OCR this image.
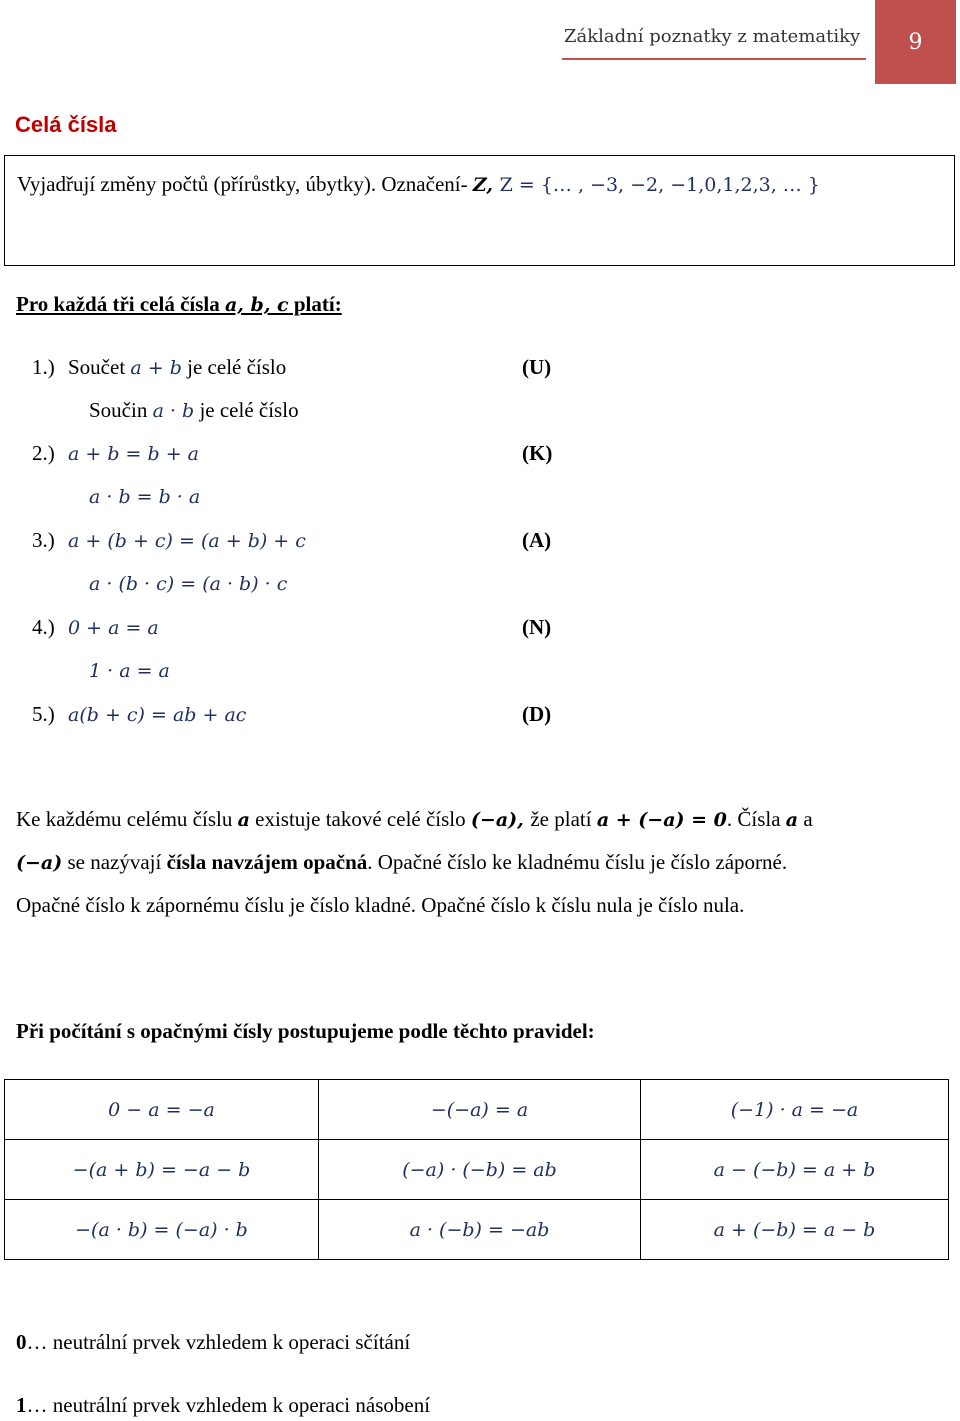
Základní poznatky z matematiky 9
Celá čísla
Vyjadřují změny počtů (přírůstky, úbytky). Označení- Z, Z = {… , −3, −2, −1,0,1,2,3, … }
Pro každá tři celá čísla a, b, c platí:
1.) Součet a + b je celé číslo	(U)
Součin a · b je celé číslo
2.) a + b = b + a	(K)
a · b = b · a
3.) a + (b + c) = (a + b) + c	(A)
a · (b · c) = (a · b) · c
4.) 0 + a = a	(N)
1 · a = a
5.) a(b + c) = ab + ac	(D)
Ke každému celému číslu a existuje takové celé číslo (−a), že platí a + (−a) = 0. Čísla a a
(−a) se nazývají čísla navzájem opačná. Opačné číslo ke kladnému číslu je číslo záporné.
Opačné číslo k zápornému číslu je číslo kladné. Opačné číslo k číslu nula je číslo nula.
Při počítání s opačnými čísly postupujeme podle těchto pravidel:
0 − a = −a	−(−a) = a	(−1) · a = −a
−(a + b) = −a − b	(−a) · (−b) = ab	a − (−b) = a + b
−(a · b) = (−a) · b	a · (−b) = −ab	a + (−b) = a − b
0… neutrální prvek vzhledem k operaci sčítání
1… neutrální prvek vzhledem k operaci násobení
